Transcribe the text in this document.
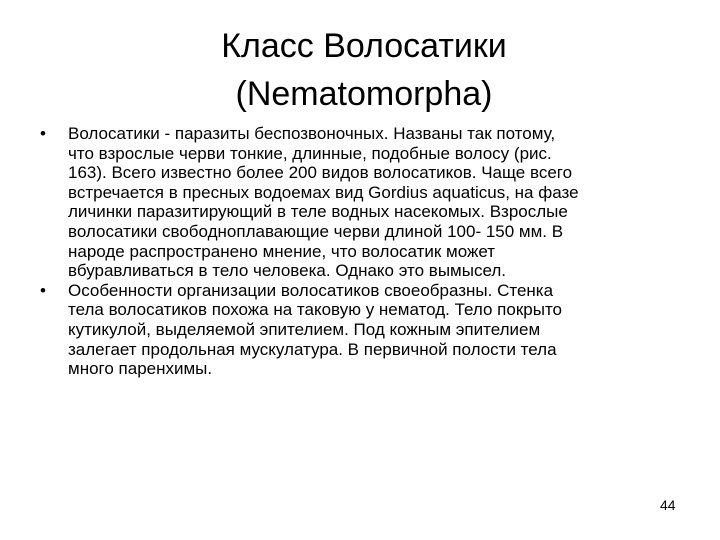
Класс Волосатики
(Nematomorpha)
• Волосатики - паразиты беспозвоночных. Названы так потому,
что взрослые черви тонкие, длинные, подобные волосу (рис.
163). Всего известно более 200 видов волосатиков. Чаще всего
встречается в пресных водоемах вид Gordius aquaticus, на фазе
личинки паразитирующий в теле водных насекомых. Взрослые
волосатики свободноплавающие черви длиной 100- 150 мм. В
народе распространено мнение, что волосатик может
вбуравливаться в тело человека. Однако это вымысел.
• Особенности организации волосатиков своеобразны. Стенка
тела волосатиков похожа на таковую у нематод. Тело покрыто
кутикулой, выделяемой эпителием. Под кожным эпителием
залегает продольная мускулатура. В первичной полости тела
много паренхимы.
44
